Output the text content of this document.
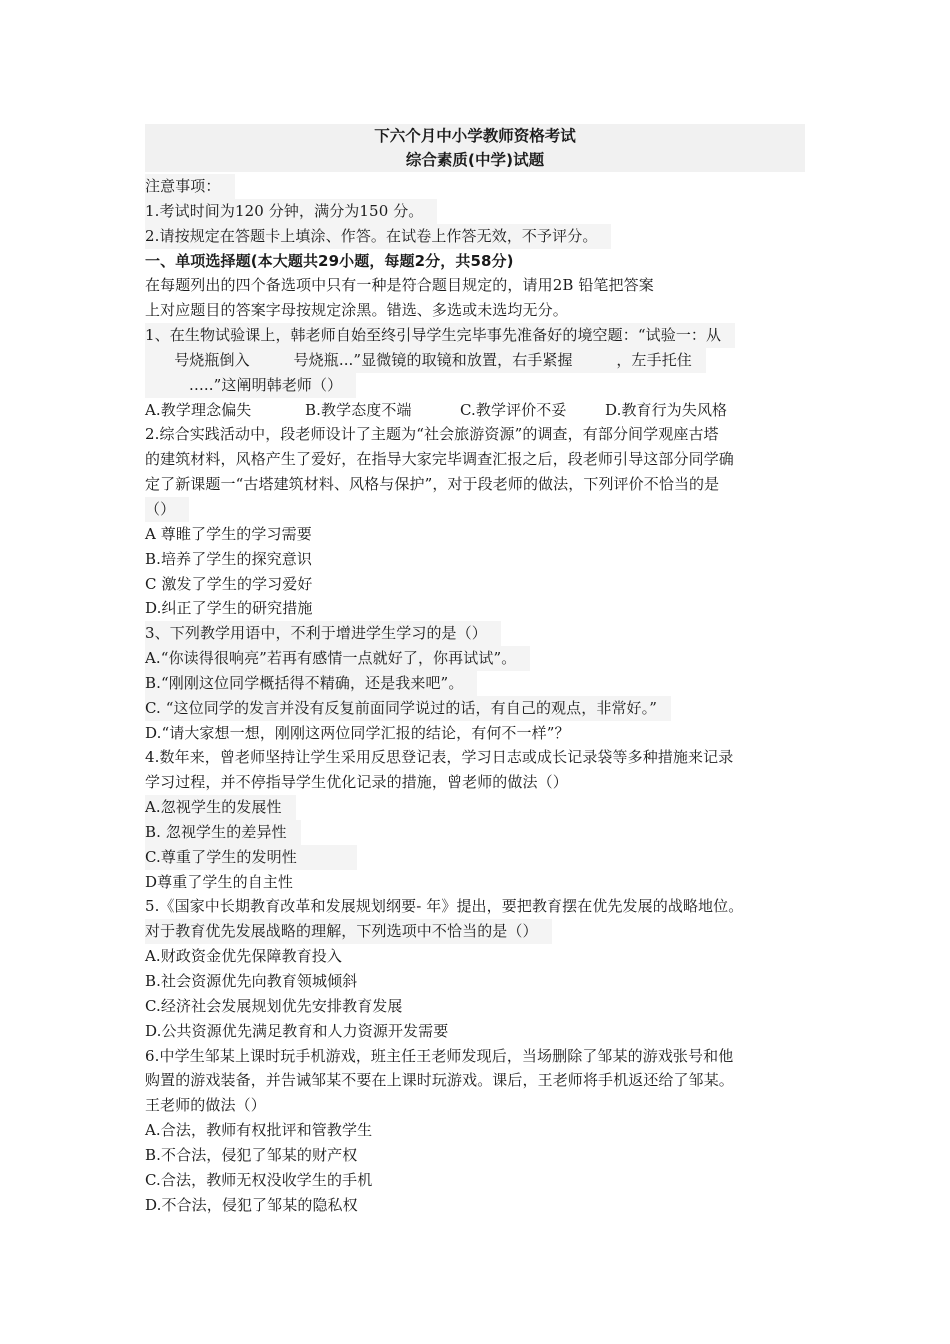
下六个月中小学教师资格考试
综合素质(中学)试题
注意事项：
1.考试时间为120 分钟，满分为150 分。
2.请按规定在答题卡上填涂、作答。在试卷上作答无效，不予评分。
一、单项选择题(本大题共29小题，每题2分，共58分)
在每题列出的四个备选项中只有一种是符合题目规定的，请用2B 铅笔把答案
上对应题目的答案字母按规定涂黑。错选、多选或未选均无分。
1、在生物试验课上，韩老师自始至终引导学生完毕事先准备好的境空题：“试验一：从
号烧瓶倒入         号烧瓶...”显微镜的取镜和放置，右手紧握         ，左手托住
…..”这阐明韩老师（）
A.教学理念偏失	B.教学态度不端	C.教学评价不妥	D.教育行为失风格
2.综合实践活动中，段老师设计了主题为“社会旅游资源”的调查，有部分间学观座古塔
的建筑材料，风格产生了爱好，在指导大家完毕调查汇报之后，段老师引导这部分同学确
定了新课题一“古塔建筑材料、风格与保护”，对于段老师的做法，下列评价不恰当的是
（）
A 尊睢了学生的学习需要
B.培养了学生的探究意识
C 激发了学生的学习爱好
D.纠正了学生的研究措施
3、下列教学用语中，不利于增进学生学习的是（）
A.“你读得很响亮”若再有感情一点就好了，你再试试”。
B.“刚刚这位同学概括得不精确，还是我来吧”。
C. “这位同学的发言并没有反复前面同学说过的话，有自己的观点，非常好。”
D.“请大家想一想，刚刚这两位同学汇报的结论，有何不一样”？
4.数年来，曾老师坚持让学生采用反思登记表，学习日志或成长记录袋等多种措施来记录
学习过程，并不停指导学生优化记录的措施，曾老师的做法（）
A.忽视学生的发展性
B. 忽视学生的差异性
C.尊重了学生的发明性
D尊重了学生的自主性
5.《国家中长期教育改革和发展规划纲要- 年》提出，要把教育摆在优先发展的战略地位。
对于教育优先发展战略的理解，下列选项中不恰当的是（）
A.财政资金优先保障教育投入
B.社会资源优先向教育领城倾斜
C.经济社会发展规划优先安排教育发展
D.公共资源优先满足教育和人力资源开发需要
6.中学生邹某上课时玩手机游戏，班主任王老师发现后，当场删除了邹某的游戏张号和他
购置的游戏装备，并告诫邹某不要在上课时玩游戏。课后，王老师将手机返还给了邹某。
王老师的做法（）
A.合法，教师有权批评和管教学生
B.不合法，侵犯了邹某的财产权
C.合法，教师无权没收学生的手机
D.不合法，侵犯了邹某的隐私权
